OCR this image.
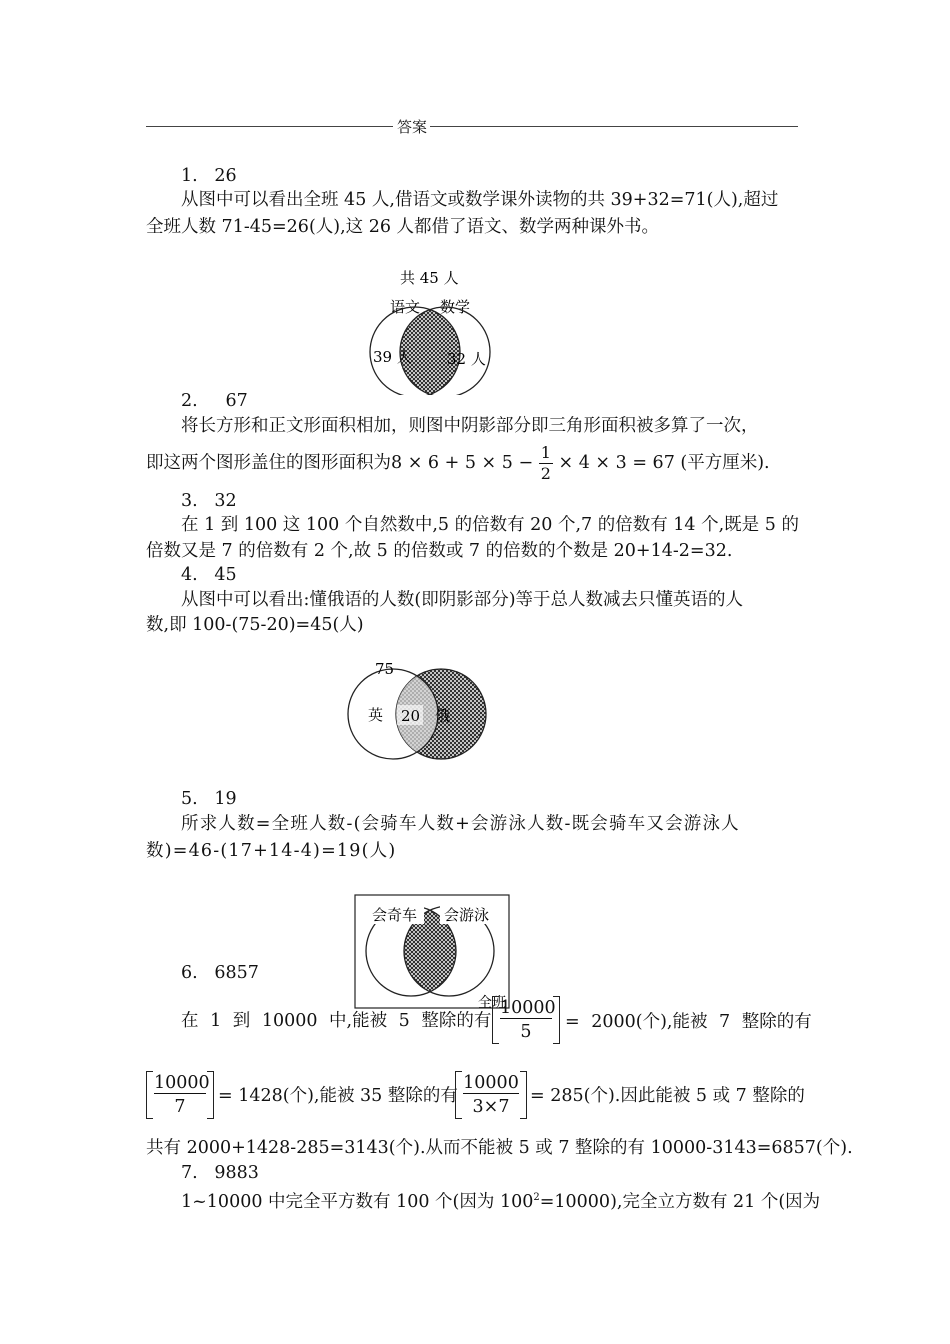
答案
1. 26
从图中可以看出全班 45 人,借语文或数学课外读物的共 39+32=71(人),超过
全班人数 71-45=26(人),这 26 人都借了语文、数学两种课外书。
共 45 人
语文 数学
39 人 32 人
2. 67
将长方形和正文形面积相加，则图中阴影部分即三角形面积被多算了一次，
即这两个图形盖住的图形面积为$8 \times 6 + 5 \times 5 - \frac{1}{2} \times 4 \times 3 = 67$ (平方厘米).
3. 32
在 1 到 100 这 100 个自然数中,5 的倍数有 20 个,7 的倍数有 14 个,既是 5 的
倍数又是 7 的倍数有 2 个,故 5 的倍数或 7 的倍数的个数是 20+14-2=32.
4. 45
从图中可以看出:懂俄语的人数(即阴影部分)等于总人数减去只懂英语的人
数,即 100-(75-20)=45(人)
75
英 20 俄
5. 19
所求人数=全班人数-(会骑车人数+会游泳人数-既会骑车又会游泳人
数)=46-(17+14-4)=19(人)
会奇车 会游泳
全班
6. 6857
在 1 到 10000 中,能被 5 整除的有 $\frac{10000}{5} = 2000$(个),能被 7 整除的有
$\frac{10000}{7} = 1428$(个),能被 35 整除的有
$\frac{10000}{3\times 7} = 285$(个).因此能被 5 或 7 整除的
共有 2000+1428-285=3143(个).从而不能被 5 或 7 整除的有 10000-3143=6857(个).
7. 9883
1~10000 中完全平方数有 100 个(因为 $100^2=10000$),完全立方数有 21 个(因为
